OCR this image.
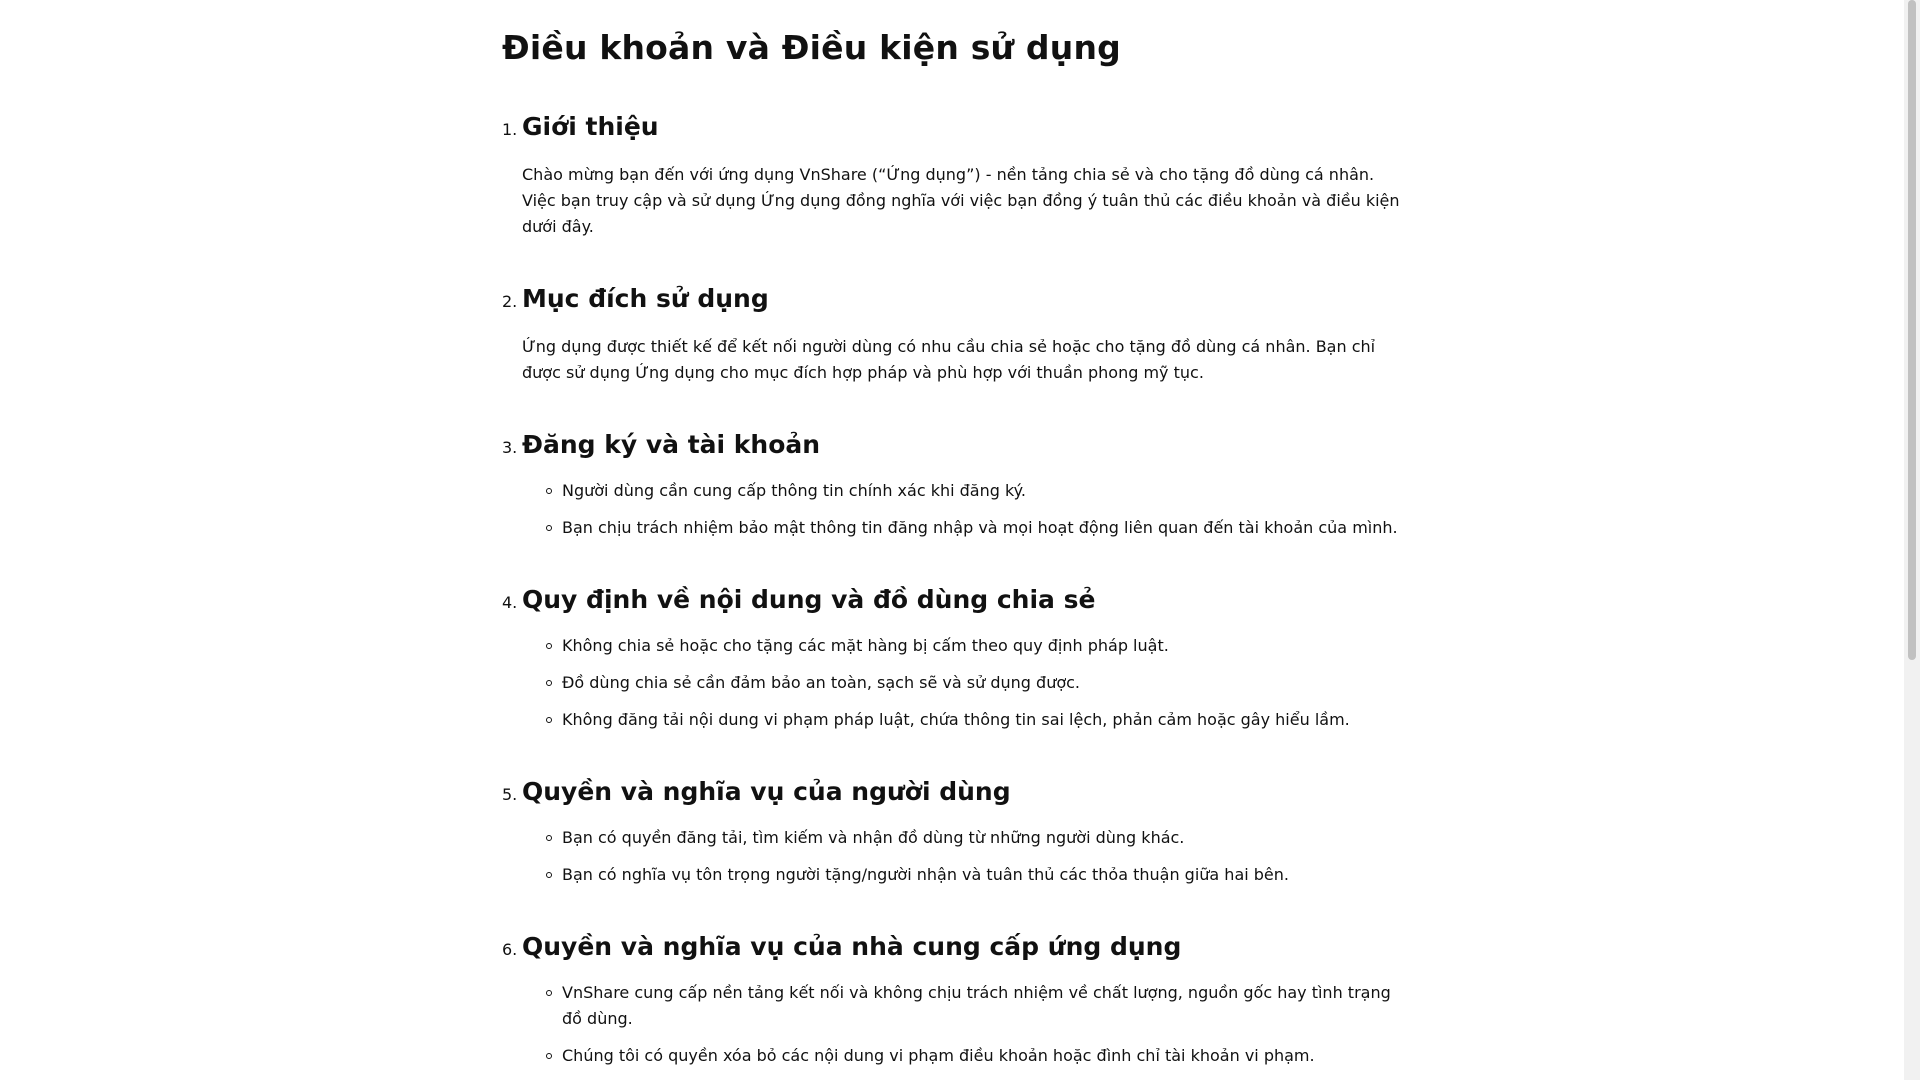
Điều khoản và Điều kiện sử dụng
1. Giới thiệu

Chào mừng bạn đến với ứng dụng VnShare (“Ứng dụng”) - nền tảng chia sẻ và cho tặng đồ dùng cá nhân. Việc bạn truy cập và sử dụng Ứng dụng đồng nghĩa với việc bạn đồng ý tuân thủ các điều khoản và điều kiện dưới đây.

2. Mục đích sử dụng

Ứng dụng được thiết kế để kết nối người dùng có nhu cầu chia sẻ hoặc cho tặng đồ dùng cá nhân. Bạn chỉ được sử dụng Ứng dụng cho mục đích hợp pháp và phù hợp với thuần phong mỹ tục.

3. Đăng ký và tài khoản
Người dùng cần cung cấp thông tin chính xác khi đăng ký.
Bạn chịu trách nhiệm bảo mật thông tin đăng nhập và mọi hoạt động liên quan đến tài khoản của mình.
4. Quy định về nội dung và đồ dùng chia sẻ
Không chia sẻ hoặc cho tặng các mặt hàng bị cấm theo quy định pháp luật.
Đồ dùng chia sẻ cần đảm bảo an toàn, sạch sẽ và sử dụng được.
Không đăng tải nội dung vi phạm pháp luật, chứa thông tin sai lệch, phản cảm hoặc gây hiểu lầm.
5. Quyền và nghĩa vụ của người dùng
Bạn có quyền đăng tải, tìm kiếm và nhận đồ dùng từ những người dùng khác.
Bạn có nghĩa vụ tôn trọng người tặng/người nhận và tuân thủ các thỏa thuận giữa hai bên.
6. Quyền và nghĩa vụ của nhà cung cấp ứng dụng
VnShare cung cấp nền tảng kết nối và không chịu trách nhiệm về chất lượng, nguồn gốc hay tình trạng đồ dùng.
Chúng tôi có quyền xóa bỏ các nội dung vi phạm điều khoản hoặc đình chỉ tài khoản vi phạm.
